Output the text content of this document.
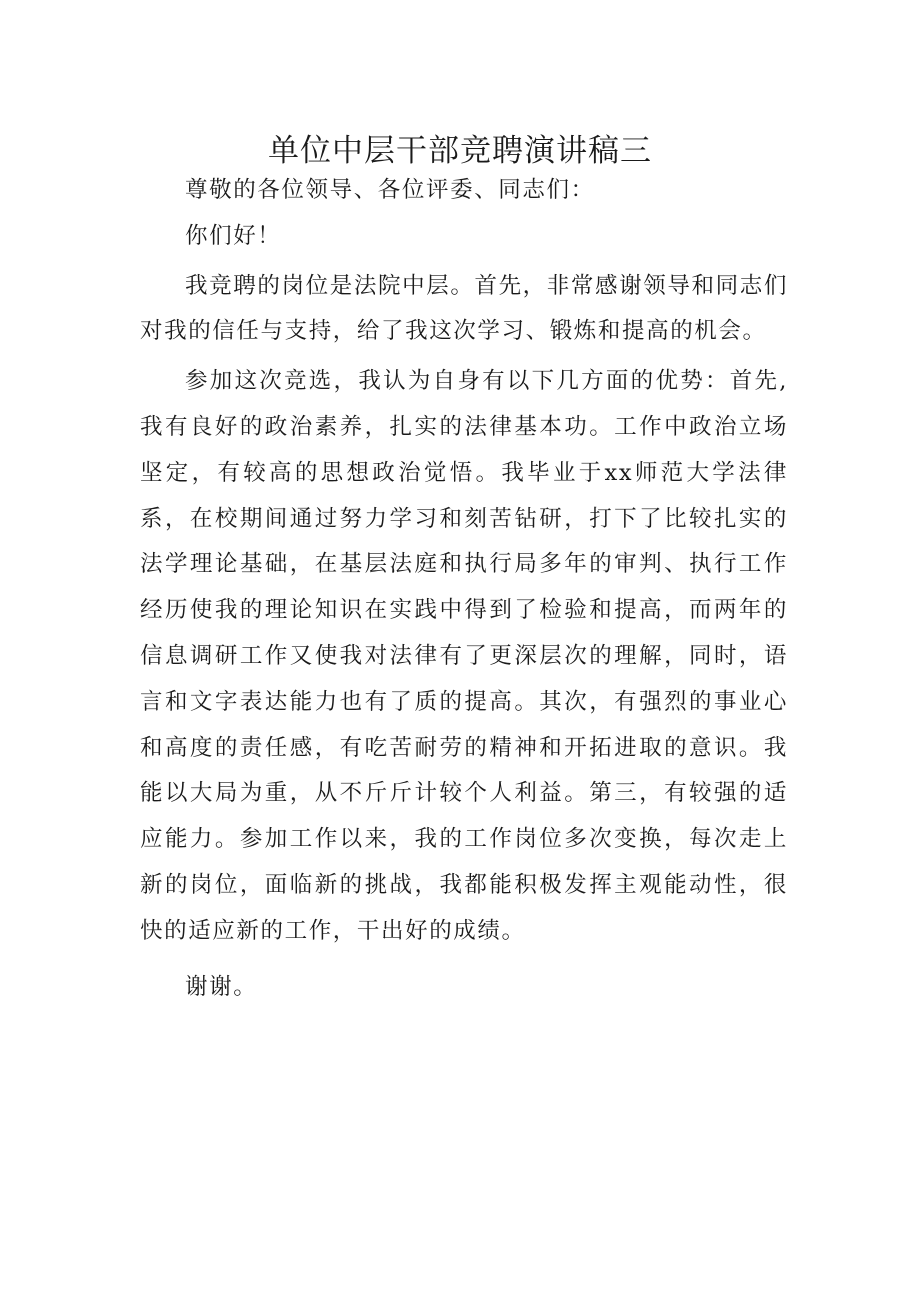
单位中层干部竞聘演讲稿三

尊敬的各位领导、各位评委、同志们：

你们好！

我竞聘的岗位是法院中层。首先，非常感谢领导和同志们对我的信任与支持，给了我这次学习、锻炼和提高的机会。

参加这次竞选，我认为自身有以下几方面的优势：首先,我有良好的政治素养，扎实的法律基本功。工作中政治立场坚定，有较高的思想政治觉悟。我毕业于xx师范大学法律系，在校期间通过努力学习和刻苦钻研，打下了比较扎实的法学理论基础，在基层法庭和执行局多年的审判、执行工作经历使我的理论知识在实践中得到了检验和提高，而两年的信息调研工作又使我对法律有了更深层次的理解，同时，语言和文字表达能力也有了质的提高。其次，有强烈的事业心和高度的责任感，有吃苦耐劳的精神和开拓进取的意识。我能以大局为重，从不斤斤计较个人利益。第三，有较强的适应能力。参加工作以来，我的工作岗位多次变换，每次走上新的岗位，面临新的挑战，我都能积极发挥主观能动性，很快的适应新的工作，干出好的成绩。

谢谢。
